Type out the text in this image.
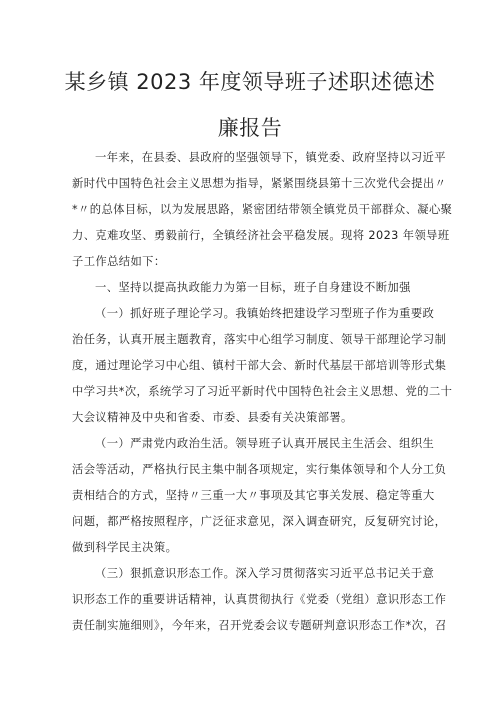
某乡镇 2023 年度领导班子述职述德述
廉报告
一年来，在县委、县政府的坚强领导下，镇党委、政府坚持以习近平
新时代中国特色社会主义思想为指导，紧紧围绕县第十三次党代会提出〃
*〃的总体目标，以为发展思路，紧密团结带领全镇党员干部群众、凝心聚
力、克难攻坚、勇毅前行，全镇经济社会平稳发展。现将 2023 年领导班
子工作总结如下：
一、坚持以提高执政能力为第一目标，班子自身建设不断加强
（一）抓好班子理论学习。我镇始终把建设学习型班子作为重要政
治任务，认真开展主题教育，落实中心组学习制度、领导干部理论学习制
度，通过理论学习中心组、镇村干部大会、新时代基层干部培训等形式集
中学习共*次，系统学习了习近平新时代中国特色社会主义思想、党的二十
大会议精神及中央和省委、市委、县委有关决策部署。
（一）严肃党内政治生活。领导班子认真开展民主生活会、组织生
活会等活动，严格执行民主集中制各项规定，实行集体领导和个人分工负
责相结合的方式，坚持〃三重一大〃事项及其它事关发展、稳定等重大
问题，都严格按照程序，广泛征求意见，深入调查研究，反复研究讨论，
做到科学民主决策。
（三）狠抓意识形态工作。深入学习贯彻落实习近平总书记关于意
识形态工作的重要讲话精神，认真贯彻执行《党委（党组）意识形态工作
责任制实施细则》，今年来，召开党委会议专题研判意识形态工作*次，召
